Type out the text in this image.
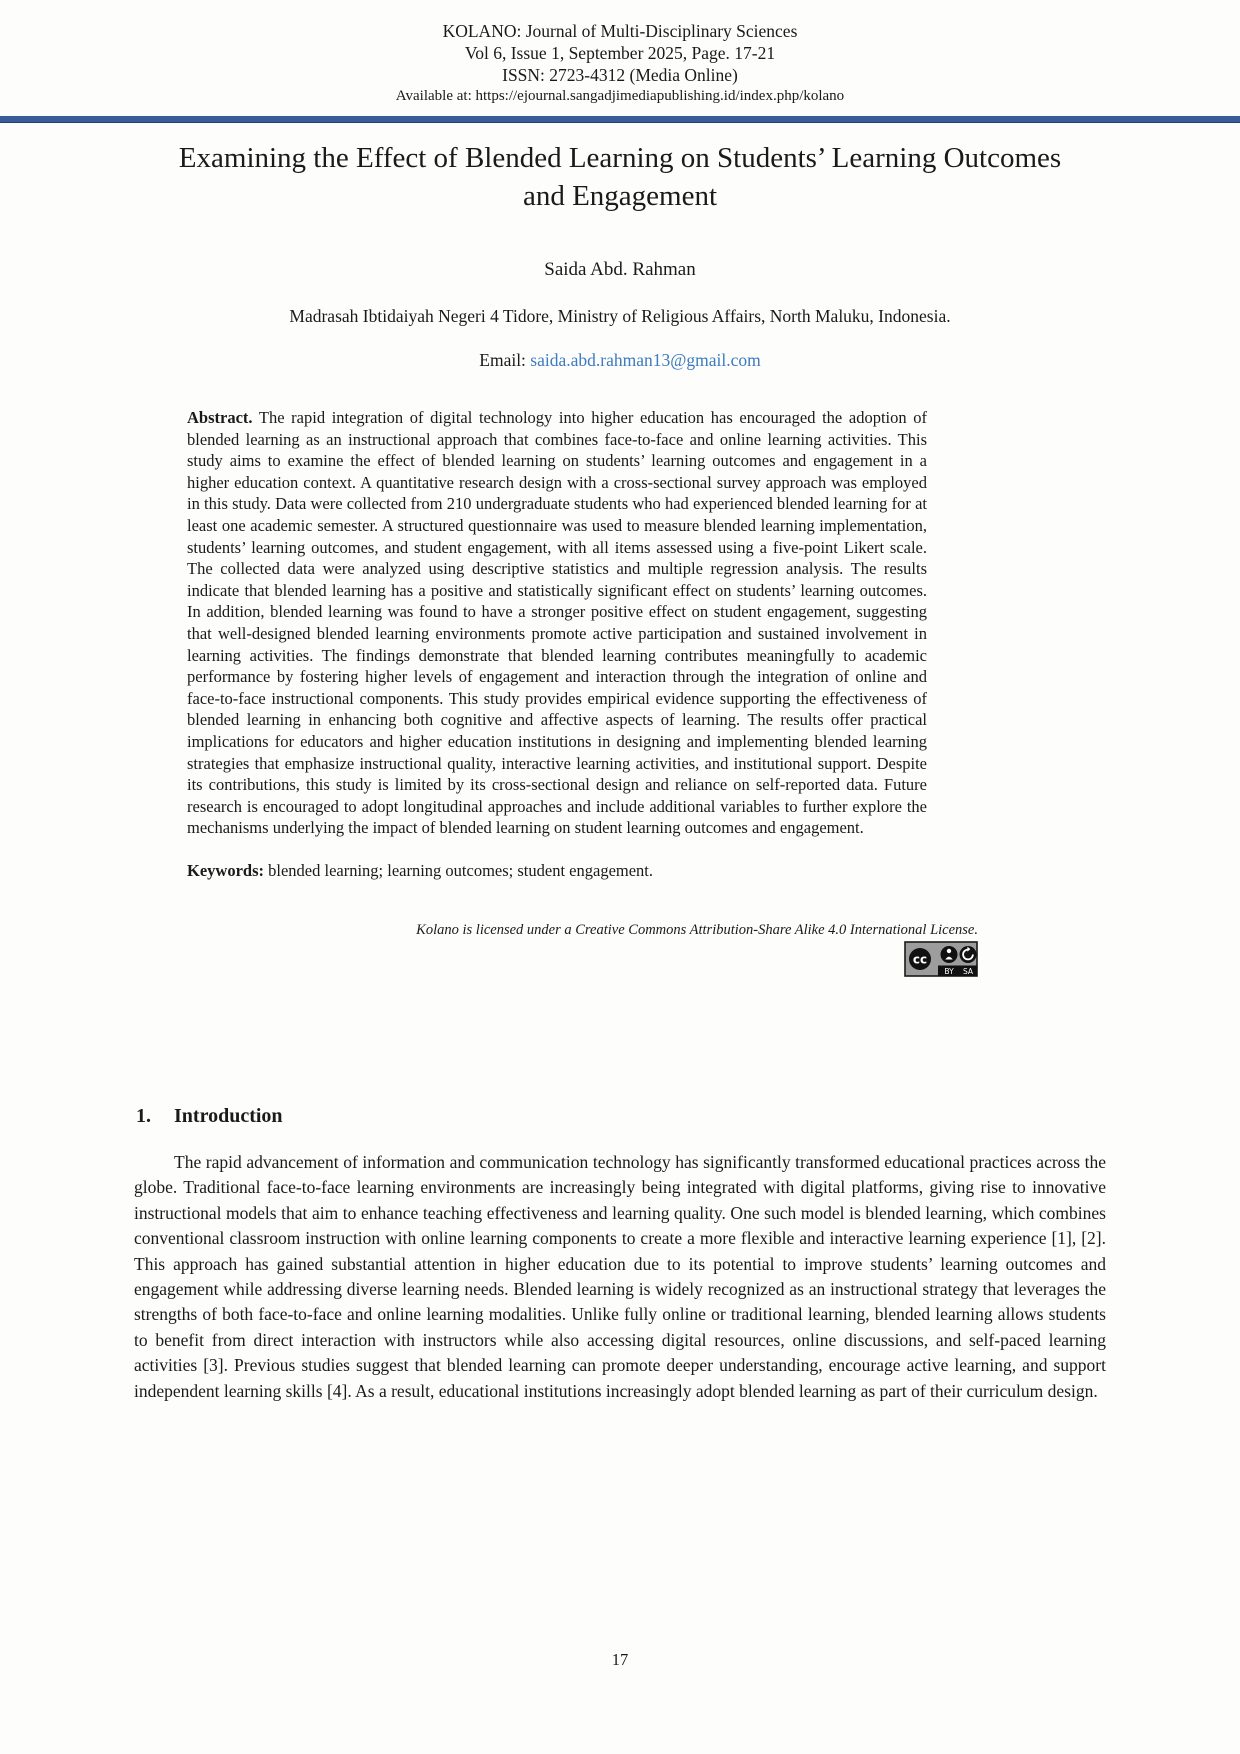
KOLANO: Journal of Multi-Disciplinary Sciences
Vol 6, Issue 1, September 2025, Page. 17-21
ISSN: 2723-4312 (Media Online)
Available at: https://ejournal.sangadjimediapublishing.id/index.php/kolano
Examining the Effect of Blended Learning on Students’ Learning Outcomes and Engagement
Saida Abd. Rahman
Madrasah Ibtidaiyah Negeri 4 Tidore, Ministry of Religious Affairs, North Maluku, Indonesia.
Email: saida.abd.rahman13@gmail.com

Abstract. The rapid integration of digital technology into higher education has encouraged the adoption of blended learning as an instructional approach that combines face-to-face and online learning activities. This study aims to examine the effect of blended learning on students’ learning outcomes and engagement in a higher education context. A quantitative research design with a cross-sectional survey approach was employed in this study. Data were collected from 210 undergraduate students who had experienced blended learning for at least one academic semester. A structured questionnaire was used to measure blended learning implementation, students’ learning outcomes, and student engagement, with all items assessed using a five-point Likert scale. The collected data were analyzed using descriptive statistics and multiple regression analysis. The results indicate that blended learning has a positive and statistically significant effect on students’ learning outcomes. In addition, blended learning was found to have a stronger positive effect on student engagement, suggesting that well-designed blended learning environments promote active participation and sustained involvement in learning activities. The findings demonstrate that blended learning contributes meaningfully to academic performance by fostering higher levels of engagement and interaction through the integration of online and face-to-face instructional components. This study provides empirical evidence supporting the effectiveness of blended learning in enhancing both cognitive and affective aspects of learning. The results offer practical implications for educators and higher education institutions in designing and implementing blended learning strategies that emphasize instructional quality, interactive learning activities, and institutional support. Despite its contributions, this study is limited by its cross-sectional design and reliance on self-reported data. Future research is encouraged to adopt longitudinal approaches and include additional variables to further explore the mechanisms underlying the impact of blended learning on student learning outcomes and engagement.

Keywords: blended learning; learning outcomes; student engagement.

Kolano is licensed under a Creative Commons Attribution-Share Alike 4.0 International License.
cc
BY SA
1. Introduction

The rapid advancement of information and communication technology has significantly transformed educational practices across the globe. Traditional face-to-face learning environments are increasingly being integrated with digital platforms, giving rise to innovative instructional models that aim to enhance teaching effectiveness and learning quality. One such model is blended learning, which combines conventional classroom instruction with online learning components to create a more flexible and interactive learning experience [1], [2]. This approach has gained substantial attention in higher education due to its potential to improve students’ learning outcomes and engagement while addressing diverse learning needs. Blended learning is widely recognized as an instructional strategy that leverages the strengths of both face-to-face and online learning modalities. Unlike fully online or traditional learning, blended learning allows students to benefit from direct interaction with instructors while also accessing digital resources, online discussions, and self-paced learning activities [3]. Previous studies suggest that blended learning can promote deeper understanding, encourage active learning, and support independent learning skills [4]. As a result, educational institutions increasingly adopt blended learning as part of their curriculum design.

17
